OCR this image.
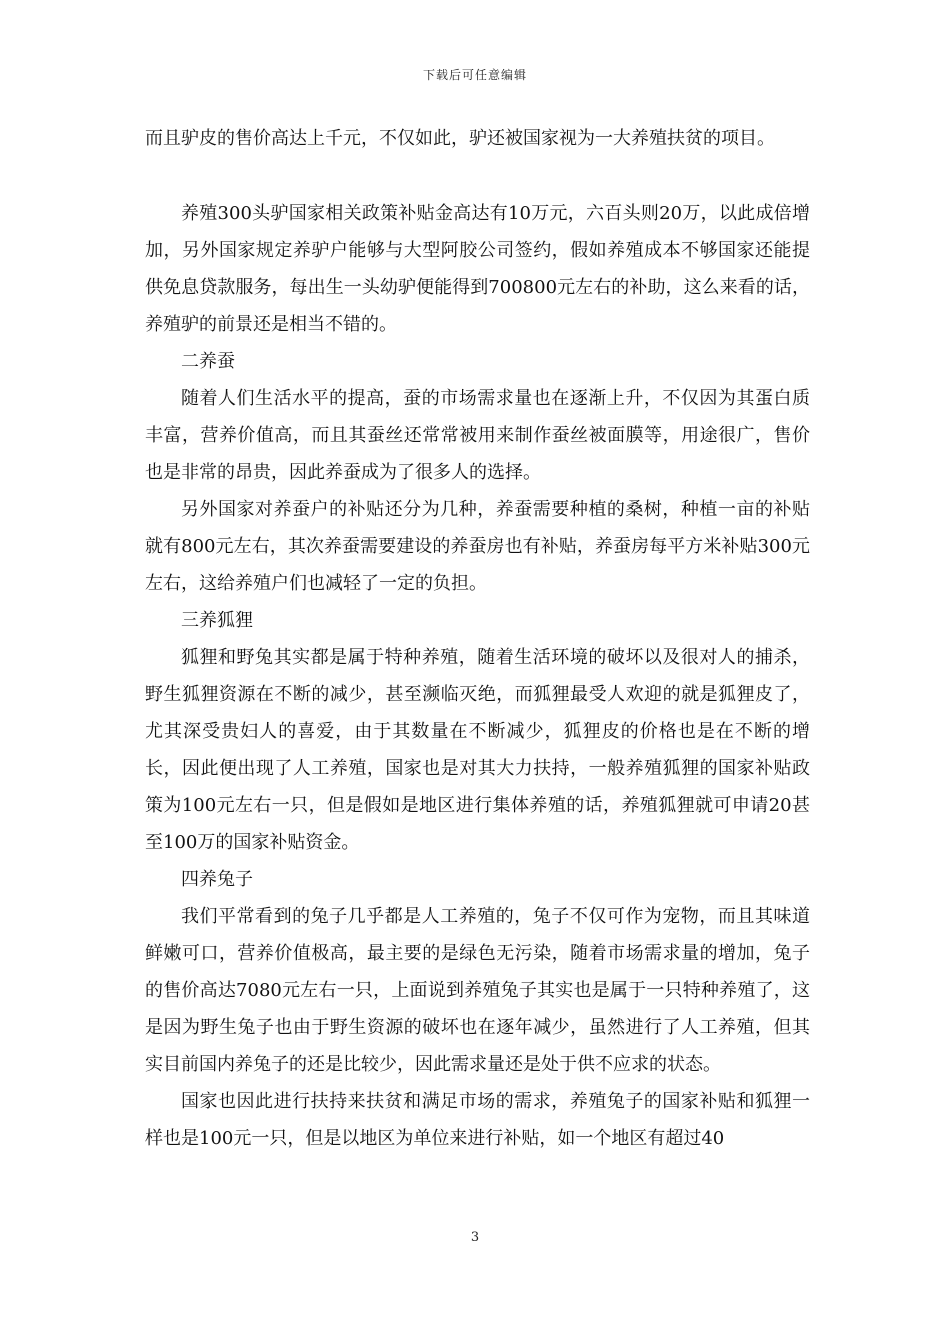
下载后可任意编辑

而且驴皮的售价高达上千元，不仅如此，驴还被国家视为一大养殖扶贫的项目。

养殖300头驴国家相关政策补贴金高达有10万元，六百头则20万，以此成倍增加，另外国家规定养驴户能够与大型阿胶公司签约，假如养殖成本不够国家还能提供免息贷款服务，每出生一头幼驴便能得到700800元左右的补助，这么来看的话，养殖驴的前景还是相当不错的。

二养蚕

随着人们生活水平的提高，蚕的市场需求量也在逐渐上升，不仅因为其蛋白质丰富，营养价值高，而且其蚕丝还常常被用来制作蚕丝被面膜等，用途很广，售价也是非常的昂贵，因此养蚕成为了很多人的选择。

另外国家对养蚕户的补贴还分为几种，养蚕需要种植的桑树，种植一亩的补贴就有800元左右，其次养蚕需要建设的养蚕房也有补贴，养蚕房每平方米补贴300元左右，这给养殖户们也减轻了一定的负担。

三养狐狸

狐狸和野兔其实都是属于特种养殖，随着生活环境的破坏以及很对人的捕杀，野生狐狸资源在不断的减少，甚至濒临灭绝，而狐狸最受人欢迎的就是狐狸皮了，尤其深受贵妇人的喜爱，由于其数量在不断减少，狐狸皮的价格也是在不断的增长，因此便出现了人工养殖，国家也是对其大力扶持，一般养殖狐狸的国家补贴政策为100元左右一只，但是假如是地区进行集体养殖的话，养殖狐狸就可申请20甚至100万的国家补贴资金。

四养兔子

我们平常看到的兔子几乎都是人工养殖的，兔子不仅可作为宠物，而且其味道鲜嫩可口，营养价值极高，最主要的是绿色无污染，随着市场需求量的增加，兔子的售价高达7080元左右一只，上面说到养殖兔子其实也是属于一只特种养殖了，这是因为野生兔子也由于野生资源的破坏也在逐年减少，虽然进行了人工养殖，但其实目前国内养兔子的还是比较少，因此需求量还是处于供不应求的状态。

国家也因此进行扶持来扶贫和满足市场的需求，养殖兔子的国家补贴和狐狸一样也是100元一只，但是以地区为单位来进行补贴，如一个地区有超过40

3
